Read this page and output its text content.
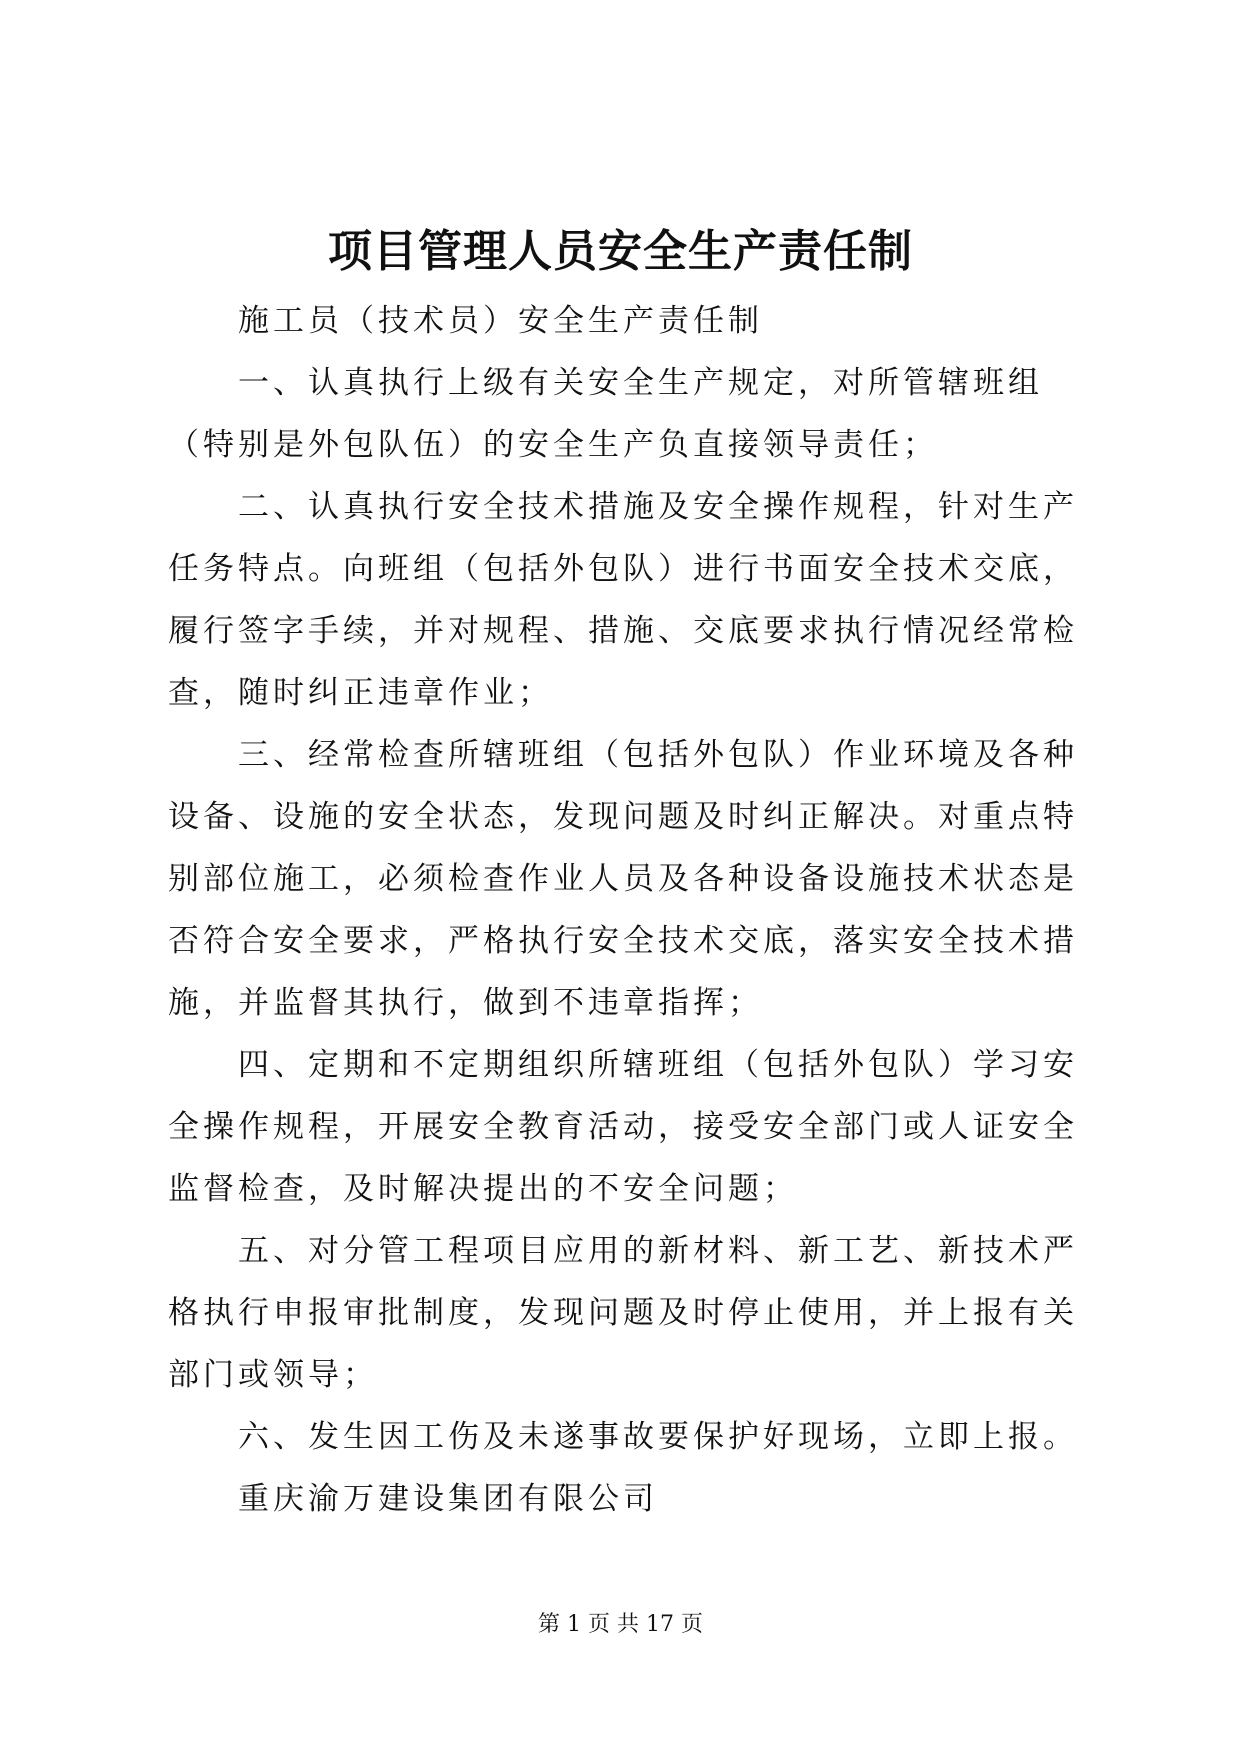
项目管理人员安全生产责任制

施工员（技术员）安全生产责任制

一、认真执行上级有关安全生产规定，对所管辖班组（特别是外包队伍）的安全生产负直接领导责任；

二、认真执行安全技术措施及安全操作规程，针对生产任务特点。向班组（包括外包队）进行书面安全技术交底，履行签字手续，并对规程、措施、交底要求执行情况经常检查，随时纠正违章作业；

三、经常检查所辖班组（包括外包队）作业环境及各种设备、设施的安全状态，发现问题及时纠正解决。对重点特别部位施工，必须检查作业人员及各种设备设施技术状态是否符合安全要求，严格执行安全技术交底，落实安全技术措施，并监督其执行，做到不违章指挥；

四、定期和不定期组织所辖班组（包括外包队）学习安全操作规程，开展安全教育活动，接受安全部门或人证安全监督检查，及时解决提出的不安全问题；

五、对分管工程项目应用的新材料、新工艺、新技术严格执行申报审批制度，发现问题及时停止使用，并上报有关部门或领导；

六、发生因工伤及未遂事故要保护好现场，立即上报。

重庆渝万建设集团有限公司

第 1 页 共 17 页
